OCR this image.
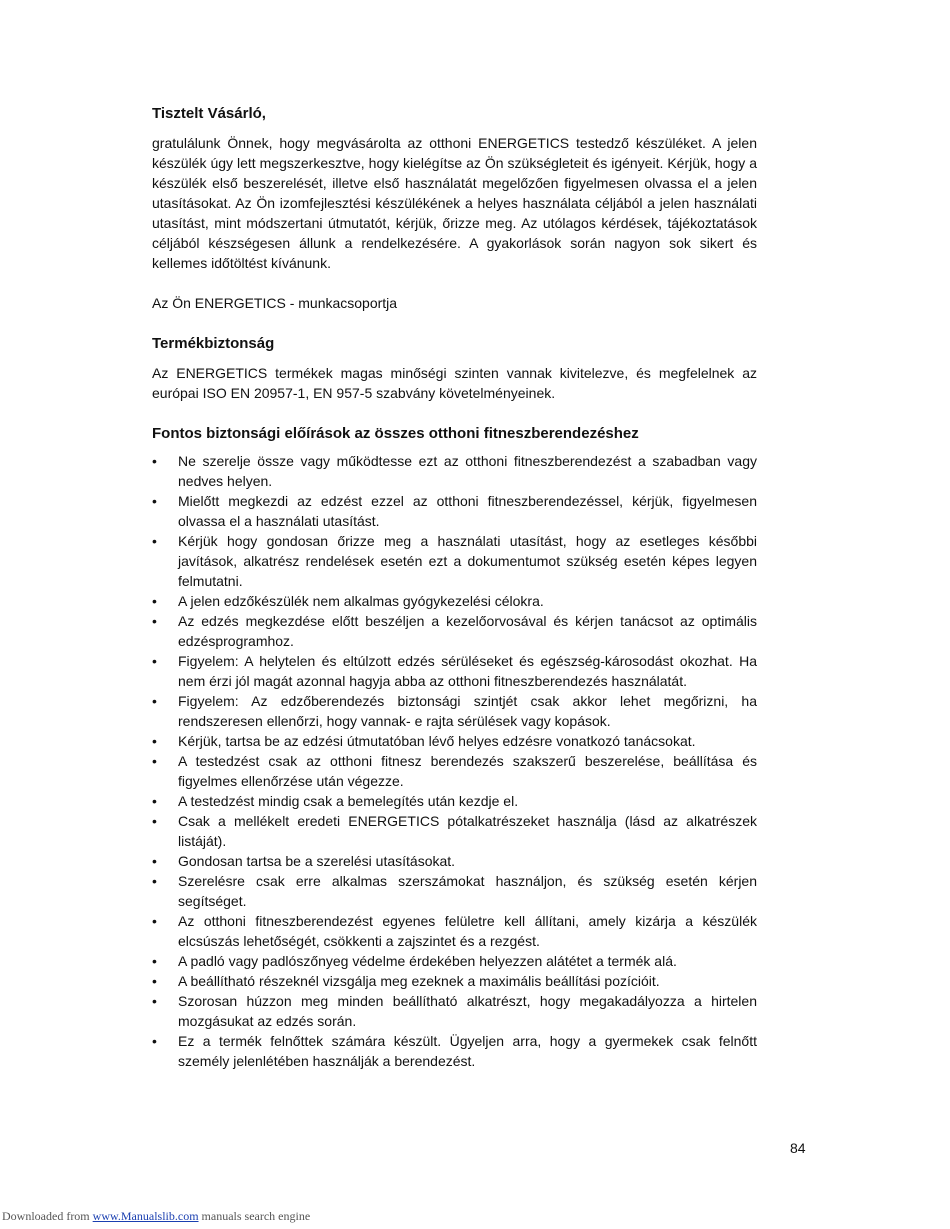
Tisztelt Vásárló,

gratulálunk Önnek, hogy megvásárolta az otthoni ENERGETICS testedző készüléket. A jelen készülék úgy lett megszerkesztve, hogy kielégítse az Ön szükségleteit és igényeit. Kérjük, hogy a készülék első beszerelését, illetve első használatát megelőzően figyelmesen olvassa el a jelen utasításokat. Az Ön izomfejlesztési készülékének a helyes használata céljából a jelen használati utasítást, mint módszertani útmutatót, kérjük, őrizze meg. Az utólagos kérdések, tájékoztatások céljából készségesen állunk a rendelkezésére. A gyakorlások során nagyon sok sikert és kellemes időtöltést kívánunk.

Az Ön ENERGETICS - munkacsoportja

Termékbiztonság

Az ENERGETICS termékek magas minőségi szinten vannak kivitelezve, és megfelelnek az európai ISO EN 20957-1, EN 957-5 szabvány követelményeinek.

Fontos biztonsági előírások az összes otthoni fitneszberendezéshez
• Ne szerelje össze vagy működtesse ezt az otthoni fitneszberendezést a szabadban vagy nedves helyen.
• Mielőtt megkezdi az edzést ezzel az otthoni fitneszberendezéssel, kérjük, figyelmesen olvassa el a használati utasítást.
• Kérjük hogy gondosan őrizze meg a használati utasítást, hogy az esetleges későbbi javítások, alkatrész rendelések esetén ezt a dokumentumot szükség esetén képes legyen felmutatni.
• A jelen edzőkészülék nem alkalmas gyógykezelési célokra.
• Az edzés megkezdése előtt beszéljen a kezelőorvosával és kérjen tanácsot az optimális edzésprogramhoz.
• Figyelem: A helytelen és eltúlzott edzés sérüléseket és egészség-károsodást okozhat. Ha nem érzi jól magát azonnal hagyja abba az otthoni fitneszberendezés használatát.
• Figyelem: Az edzőberendezés biztonsági szintjét csak akkor lehet megőrizni, ha rendszeresen ellenőrzi, hogy vannak- e rajta sérülések vagy kopások.
• Kérjük, tartsa be az edzési útmutatóban lévő helyes edzésre vonatkozó tanácsokat.
• A testedzést csak az otthoni fitnesz berendezés szakszerű beszerelése, beállítása és figyelmes ellenőrzése után végezze.
• A testedzést mindig csak a bemelegítés után kezdje el.
• Csak a mellékelt eredeti ENERGETICS pótalkatrészeket használja (lásd az alkatrészek listáját).
• Gondosan tartsa be a szerelési utasításokat.
• Szerelésre csak erre alkalmas szerszámokat használjon, és szükség esetén kérjen segítséget.
• Az otthoni fitneszberendezést egyenes felületre kell állítani, amely kizárja a készülék elcsúszás lehetőségét, csökkenti a zajszintet és a rezgést.
• A padló vagy padlószőnyeg védelme érdekében helyezzen alátétet a termék alá.
• A beállítható részeknél vizsgálja meg ezeknek a maximális beállítási pozícióit.
• Szorosan húzzon meg minden beállítható alkatrészt, hogy megakadályozza a hirtelen mozgásukat az edzés során.
• Ez a termék felnőttek számára készült. Ügyeljen arra, hogy a gyermekek csak felnőtt személy jelenlétében használják a berendezést.
84
Downloaded from www.Manualslib.com manuals search engine
